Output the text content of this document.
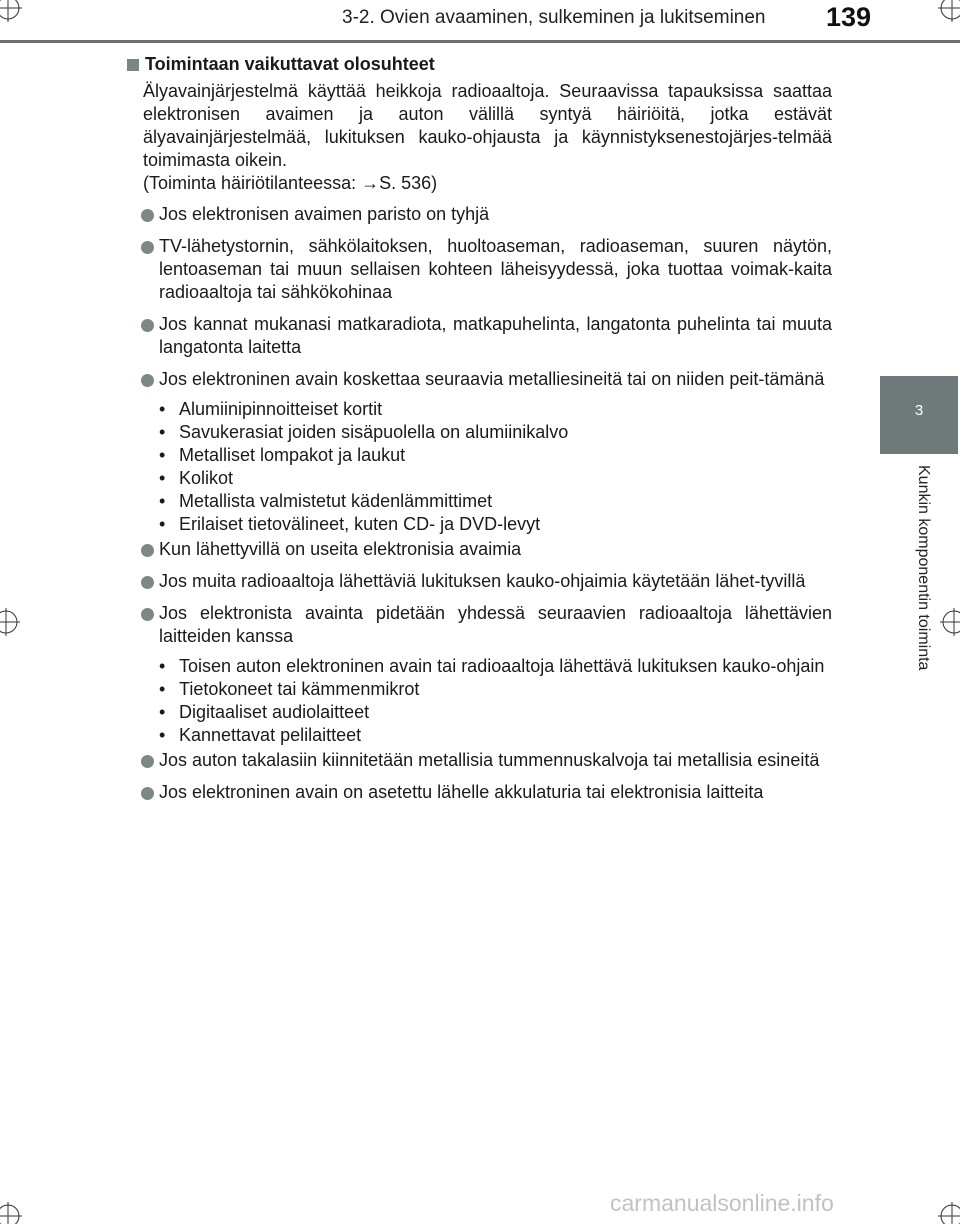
3-2. Ovien avaaminen, sulkeminen ja lukitseminen 139
3
Kunkin komponentin toiminta
Toimintaan vaikuttavat olosuhteet
Älyavainjärjestelmä käyttää heikkoja radioaaltoja. Seuraavissa tapauksissa saattaa elektronisen avaimen ja auton välillä syntyä häiriöitä, jotka estävät älyavainjärjestelmää, lukituksen kauko-ohjausta ja käynnistyksenestojärjes-telmää toimimasta oikein.
(Toiminta häiriötilanteessa: →S. 536)
Jos elektronisen avaimen paristo on tyhjä
TV-lähetystornin, sähkölaitoksen, huoltoaseman, radioaseman, suuren näytön, lentoaseman tai muun sellaisen kohteen läheisyydessä, joka tuottaa voimak-kaita radioaaltoja tai sähkökohinaa
Jos kannat mukanasi matkaradiota, matkapuhelinta, langatonta puhelinta tai muuta langatonta laitetta
Jos elektroninen avain koskettaa seuraavia metalliesineitä tai on niiden peit-tämänä
• Alumiinipinnoitteiset kortit
• Savukerasiat joiden sisäpuolella on alumiinikalvo
• Metalliset lompakot ja laukut
• Kolikot
• Metallista valmistetut kädenlämmittimet
• Erilaiset tietovälineet, kuten CD- ja DVD-levyt
Kun lähettyvillä on useita elektronisia avaimia
Jos muita radioaaltoja lähettäviä lukituksen kauko-ohjaimia käytetään lähet-tyvillä
Jos elektronista avainta pidetään yhdessä seuraavien radioaaltoja lähettävien laitteiden kanssa
• Toisen auton elektroninen avain tai radioaaltoja lähettävä lukituksen kauko-ohjain
• Tietokoneet tai kämmenmikrot
• Digitaaliset audiolaitteet
• Kannettavat pelilaitteet
Jos auton takalasiin kiinnitetään metallisia tummennuskalvoja tai metallisia esineitä
Jos elektroninen avain on asetettu lähelle akkulaturia tai elektronisia laitteita
carmanualsonline.info
